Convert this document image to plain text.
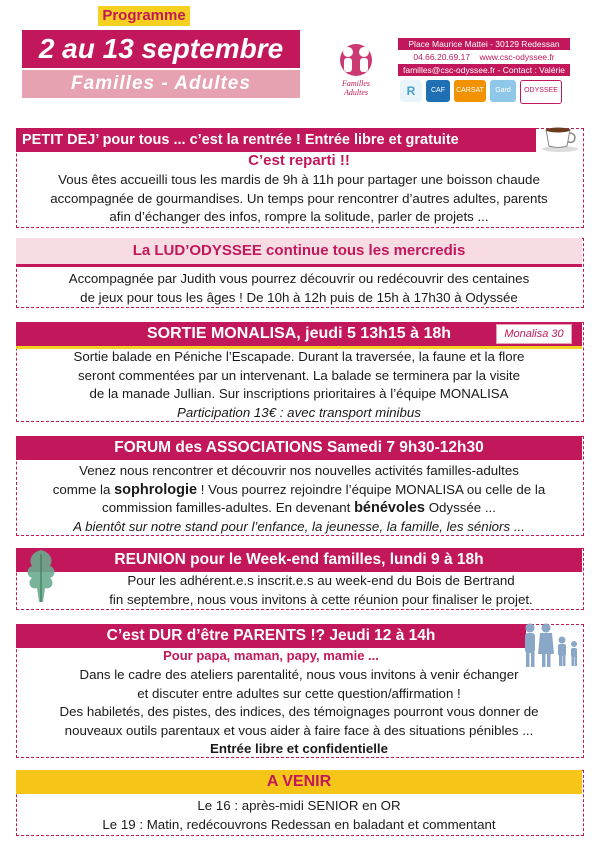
Programme
2 au 13 septembre
Familles - Adultes	Familles
Adultes
Place Maurice Mattei - 30129 Redessan
04.66.20.69.17 www.csc-odyssee.fr
familles@csc-odyssee.fr - Contact : Valérie
R	CAF	CARSAT 30
Gard	ODYSSEE
PETIT DEJ’ pour tous ... c’est la rentrée ! Entrée libre et gratuite
C’est reparti !!
Vous êtes accueilli tous les mardis de 9h à 11h pour partager une boisson chaude
accompagnée de gourmandises. Un temps pour rencontrer d’autres adultes, parents
afin d’échanger des infos, rompre la solitude, parler de projets ...
La LUD’ODYSSEE continue tous les mercredis
Accompagnée par Judith vous pourrez découvrir ou redécouvrir des centaines
de jeux pour tous les âges ! De 10h à 12h puis de 15h à 17h30 à Odyssée
SORTIE MONALISA, jeudi 5 13h15 à 18h	Monalisa 30
Sortie balade en Péniche l’Escapade. Durant la traversée, la faune et la flore
seront commentées par un intervenant. La balade se terminera par la visite
de la manade Jullian. Sur inscriptions prioritaires à l’équipe MONALISA
Participation 13€ : avec transport minibus
FORUM des ASSOCIATIONS Samedi 7 9h30-12h30
Venez nous rencontrer et découvrir nos nouvelles activités familles-adultes
comme la sophrologie ! Vous pourrez rejoindre l’équipe MONALISA ou celle de la
commission familles-adultes. En devenant bénévoles Odyssée ...
A bientôt sur notre stand pour l’enfance, la jeunesse, la famille, les séniors ...
REUNION pour le Week-end familles, lundi 9 à 18h
Pour les adhérent.e.s inscrit.e.s au week-end du Bois de Bertrand
fin septembre, nous vous invitons à cette réunion pour finaliser le projet.
C’est DUR d’être PARENTS !? Jeudi 12 à 14h
Pour papa, maman, papy, mamie ...
Dans le cadre des ateliers parentalité, nous vous invitons à venir échanger
et discuter entre adultes sur cette question/affirmation !
Des habiletés, des pistes, des indices, des témoignages pourront vous donner de
nouveaux outils parentaux et vous aider à faire face à des situations pénibles ...
Entrée libre et confidentielle
A VENIR
Le 16 : après-midi SENIOR en OR
Le 19 : Matin, redécouvrons Redessan en baladant et commentant
